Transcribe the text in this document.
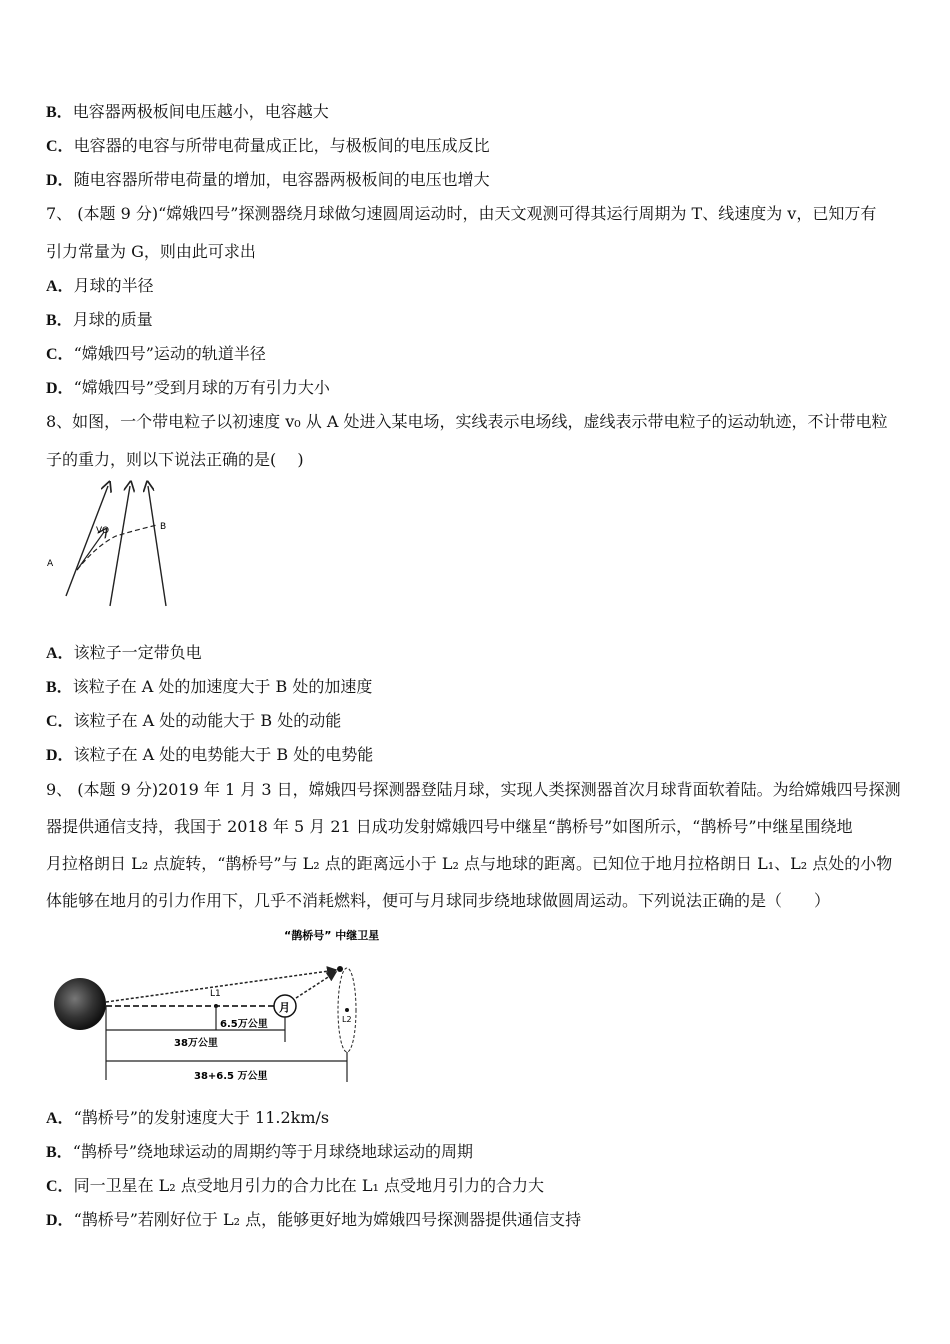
B．电容器两极板间电压越小，电容越大
C．电容器的电容与所带电荷量成正比，与极板间的电压成反比
D．随电容器所带电荷量的增加，电容器两极板间的电压也增大
7、 (本题 9 分)“嫦娥四号”探测器绕月球做匀速圆周运动时，由天文观测可得其运行周期为 T、线速度为 v，已知万有
引力常量为 G，则由此可求出
A．月球的半径
B．月球的质量
C．“嫦娥四号”运动的轨道半径
D．“嫦娥四号”受到月球的万有引力大小
8、如图，一个带电粒子以初速度 v₀ 从 A 处进入某电场，实线表示电场线，虚线表示带电粒子的运动轨迹，不计带电粒
子的重力，则以下说法正确的是(　 )
A
B
VO
A．该粒子一定带负电
B．该粒子在 A 处的加速度大于 B 处的加速度
C．该粒子在 A 处的动能大于 B 处的动能
D．该粒子在 A 处的电势能大于 B 处的电势能
9、 (本题 9 分)2019 年 1 月 3 日，嫦娥四号探测器登陆月球，实现人类探测器首次月球背面软着陆。为给嫦娥四号探测
器提供通信支持，我国于 2018 年 5 月 21 日成功发射嫦娥四号中继星“鹊桥号”如图所示，“鹊桥号”中继星围绕地
月拉格朗日 L₂ 点旋转，“鹊桥号”与 L₂ 点的距离远小于 L₂ 点与地球的距离。已知位于地月拉格朗日 L₁、L₂ 点处的小物
体能够在地月的引力作用下，几乎不消耗燃料，便可与月球同步绕地球做圆周运动。下列说法正确的是（　　）
“鹊桥号” 中继卫星
L2
月
L1
6.5万公里
38万公里
38+6.5 万公里
A．“鹊桥号”的发射速度大于 11.2km/s
B．“鹊桥号”绕地球运动的周期约等于月球绕地球运动的周期
C．同一卫星在 L₂ 点受地月引力的合力比在 L₁ 点受地月引力的合力大
D．“鹊桥号”若刚好位于 L₂ 点，能够更好地为嫦娥四号探测器提供通信支持
